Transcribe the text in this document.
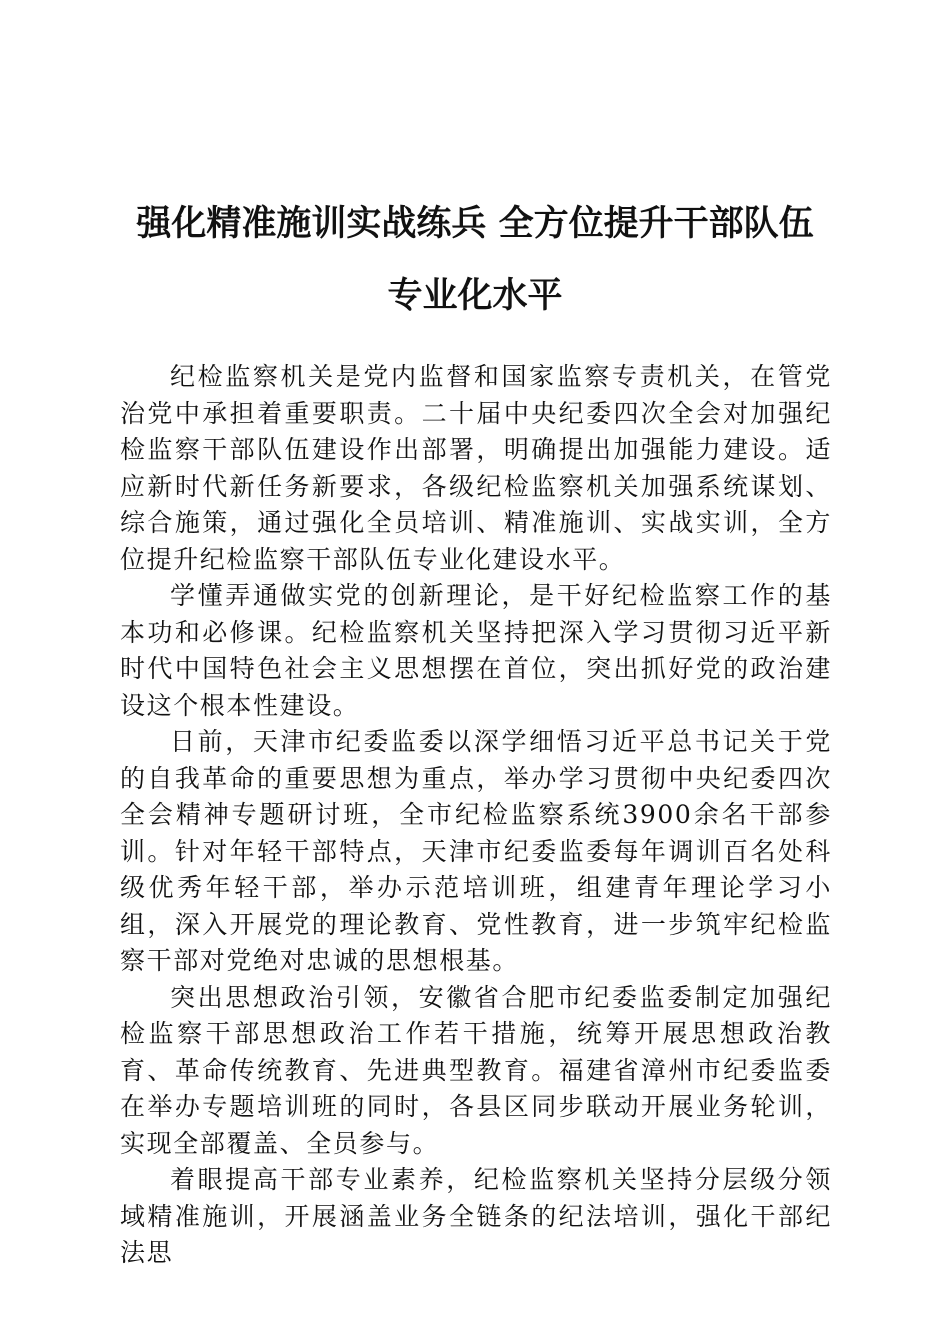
强化精准施训实战练兵 全方位提升干部队伍
专业化水平

纪检监察机关是党内监督和国家监察专责机关，在管党治党中承担着重要职责。二十届中央纪委四次全会对加强纪检监察干部队伍建设作出部署，明确提出加强能力建设。适应新时代新任务新要求，各级纪检监察机关加强系统谋划、综合施策，通过强化全员培训、精准施训、实战实训，全方位提升纪检监察干部队伍专业化建设水平。

学懂弄通做实党的创新理论，是干好纪检监察工作的基本功和必修课。纪检监察机关坚持把深入学习贯彻习近平新时代中国特色社会主义思想摆在首位，突出抓好党的政治建设这个根本性建设。

日前，天津市纪委监委以深学细悟习近平总书记关于党的自我革命的重要思想为重点，举办学习贯彻中央纪委四次全会精神专题研讨班，全市纪检监察系统3900余名干部参训。针对年轻干部特点，天津市纪委监委每年调训百名处科级优秀年轻干部，举办示范培训班，组建青年理论学习小组，深入开展党的理论教育、党性教育，进一步筑牢纪检监察干部对党绝对忠诚的思想根基。

突出思想政治引领，安徽省合肥市纪委监委制定加强纪检监察干部思想政治工作若干措施，统筹开展思想政治教育、革命传统教育、先进典型教育。福建省漳州市纪委监委在举办专题培训班的同时，各县区同步联动开展业务轮训，实现全部覆盖、全员参与。

着眼提高干部专业素养，纪检监察机关坚持分层级分领域精准施训，开展涵盖业务全链条的纪法培训，强化干部纪法思
